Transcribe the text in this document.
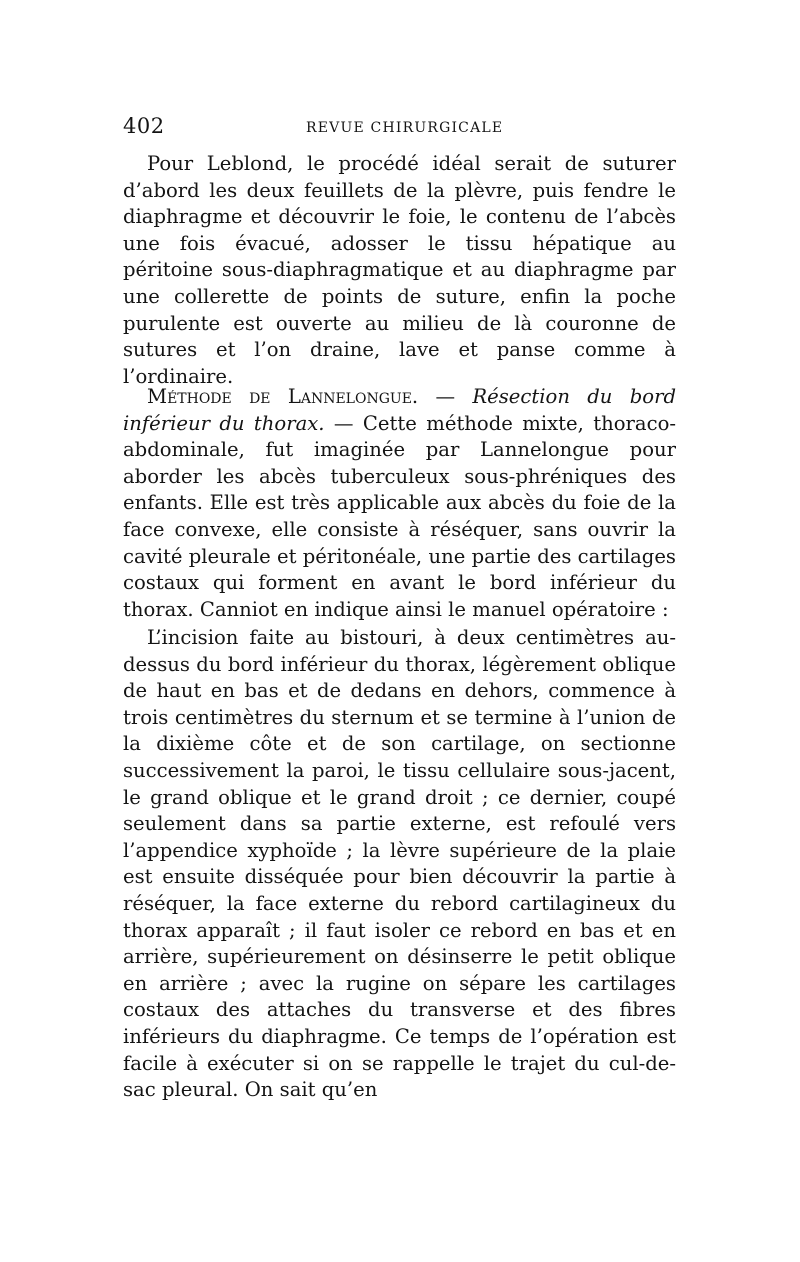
402	REVUE CHIRURGICALE

Pour Leblond, le procédé idéal serait de suturer d’abord les deux feuillets de la plèvre, puis fendre le diaphragme et découvrir le foie, le contenu de l’abcès une fois évacué, adosser le tissu hépatique au péritoine sous-diaphragmatique et au diaphragme par une collerette de points de suture, enfin la poche purulente est ouverte au milieu de là couronne de sutures et l’on draine, lave et panse comme à l’ordinaire.

Méthode de Lannelongue. — Résection du bord inférieur du thorax. — Cette méthode mixte, thoraco-abdominale, fut imaginée par Lannelongue pour aborder les abcès tuberculeux sous-phréniques des enfants. Elle est très applicable aux abcès du foie de la face convexe, elle consiste à réséquer, sans ouvrir la cavité pleurale et péritonéale, une partie des cartilages costaux qui forment en avant le bord inférieur du thorax. Canniot en indique ainsi le manuel opératoire :

L’incision faite au bistouri, à deux centimètres au-dessus du bord inférieur du thorax, légèrement oblique de haut en bas et de dedans en dehors, commence à trois centimètres du sternum et se termine à l’union de la dixième côte et de son cartilage, on sectionne successivement la paroi, le tissu cellulaire sous-jacent, le grand oblique et le grand droit ; ce dernier, coupé seulement dans sa partie externe, est refoulé vers l’appendice xyphoïde ; la lèvre supérieure de la plaie est ensuite disséquée pour bien découvrir la partie à réséquer, la face externe du rebord cartilagineux du thorax apparaît ; il faut isoler ce rebord en bas et en arrière, supérieurement on désinserre le petit oblique en arrière ; avec la rugine on sépare les cartilages costaux des attaches du transverse et des fibres inférieurs du diaphragme. Ce temps de l’opération est facile à exécuter si on se rappelle le trajet du cul-de-sac pleural. On sait qu’en
